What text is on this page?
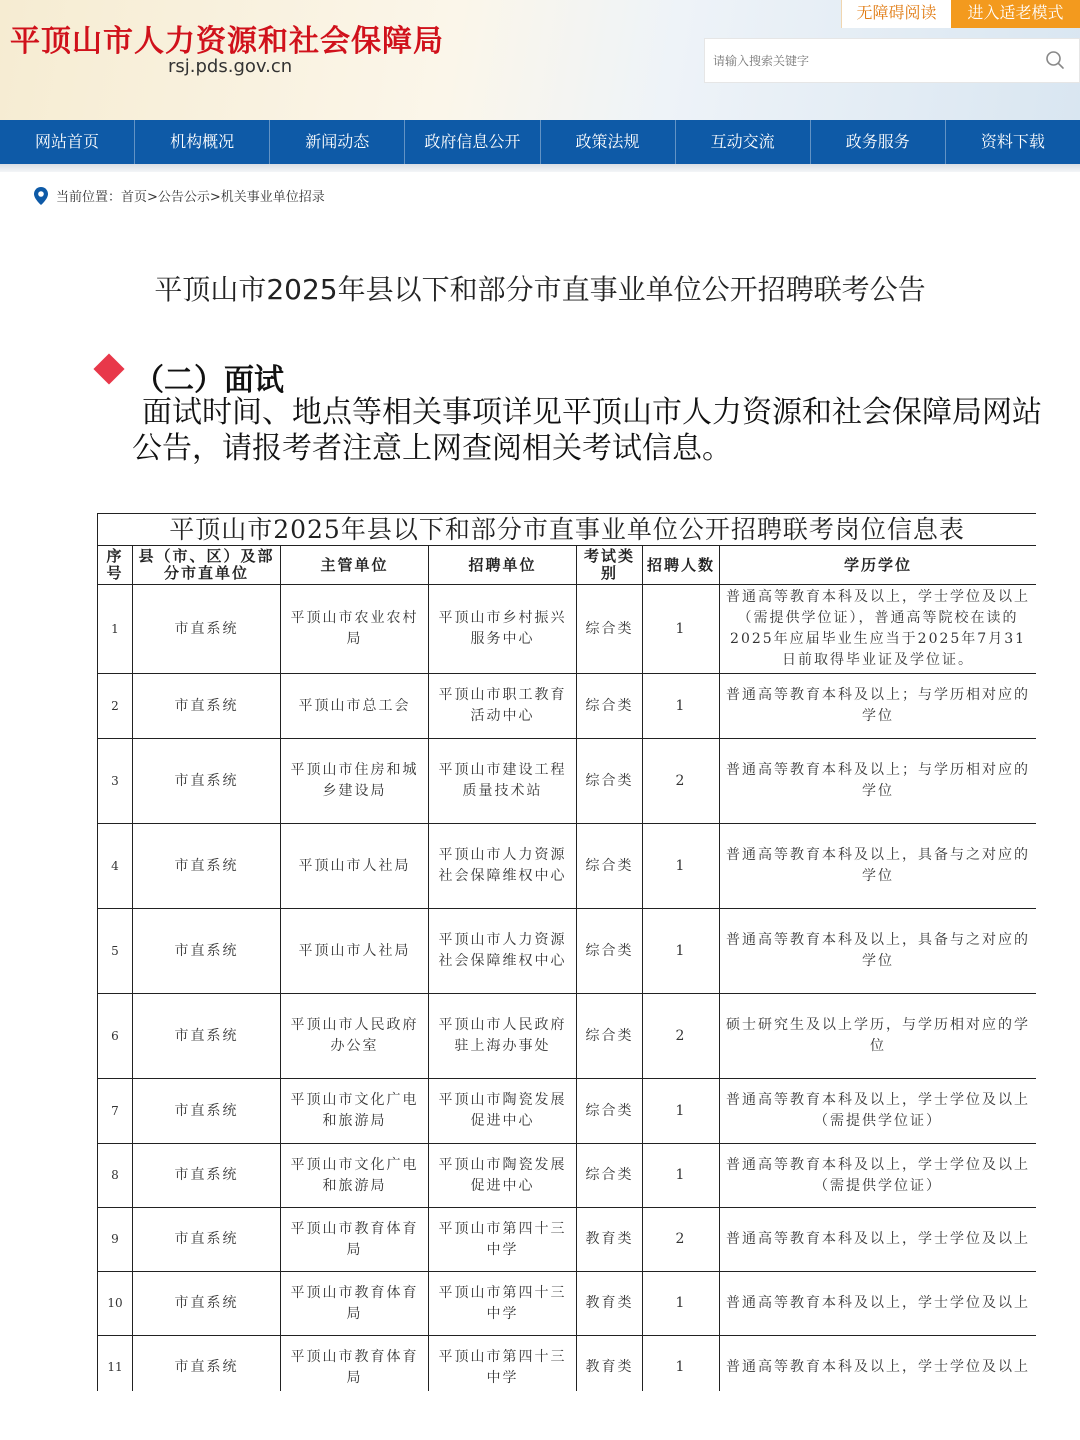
平顶山市人力资源和社会保障局
rsj.pds.gov.cn
无障碍阅读	进入适老模式
请输入搜索关键字
网站首页	机构概况	新闻动态	政府信息公开	政策法规	互动交流	政务服务	资料下载
当前位置：首页>公告公示>机关事业单位招录
平顶山市2025年县以下和部分市直事业单位公开招聘联考公告
（二）面试
面试时间、地点等相关事项详见平顶山市人力资源和社会保障局网站公告，请报考者注意上网查阅相关考试信息。
平顶山市2025年县以下和部分市直事业单位公开招聘联考岗位信息表						
序号	县（市、区）及部分市直单位	主管单位	招聘单位	考试类别	招聘人数	学历学位
1	市直系统	平顶山市农业农村局	平顶山市乡村振兴服务中心	综合类	1	普通高等教育本科及以上，学士学位及以上（需提供学位证），普通高等院校在读的2025年应届毕业生应当于2025年7月31日前取得毕业证及学位证。
2	市直系统	平顶山市总工会	平顶山市职工教育活动中心	综合类	1	普通高等教育本科及以上；与学历相对应的学位
3	市直系统	平顶山市住房和城乡建设局	平顶山市建设工程质量技术站	综合类	2	普通高等教育本科及以上；与学历相对应的学位
4	市直系统	平顶山市人社局	平顶山市人力资源社会保障维权中心	综合类	1	普通高等教育本科及以上，具备与之对应的学位
5	市直系统	平顶山市人社局	平顶山市人力资源社会保障维权中心	综合类	1	普通高等教育本科及以上，具备与之对应的学位
6	市直系统	平顶山市人民政府办公室	平顶山市人民政府驻上海办事处	综合类	2	硕士研究生及以上学历，与学历相对应的学位
7	市直系统	平顶山市文化广电和旅游局	平顶山市陶瓷发展促进中心	综合类	1	普通高等教育本科及以上，学士学位及以上（需提供学位证）
8	市直系统	平顶山市文化广电和旅游局	平顶山市陶瓷发展促进中心	综合类	1	普通高等教育本科及以上，学士学位及以上（需提供学位证）
9	市直系统	平顶山市教育体育局	平顶山市第四十三中学	教育类	2	普通高等教育本科及以上，学士学位及以上
10	市直系统	平顶山市教育体育局	平顶山市第四十三中学	教育类	1	普通高等教育本科及以上，学士学位及以上
11	市直系统	平顶山市教育体育局	平顶山市第四十三中学	教育类	1	普通高等教育本科及以上，学士学位及以上
